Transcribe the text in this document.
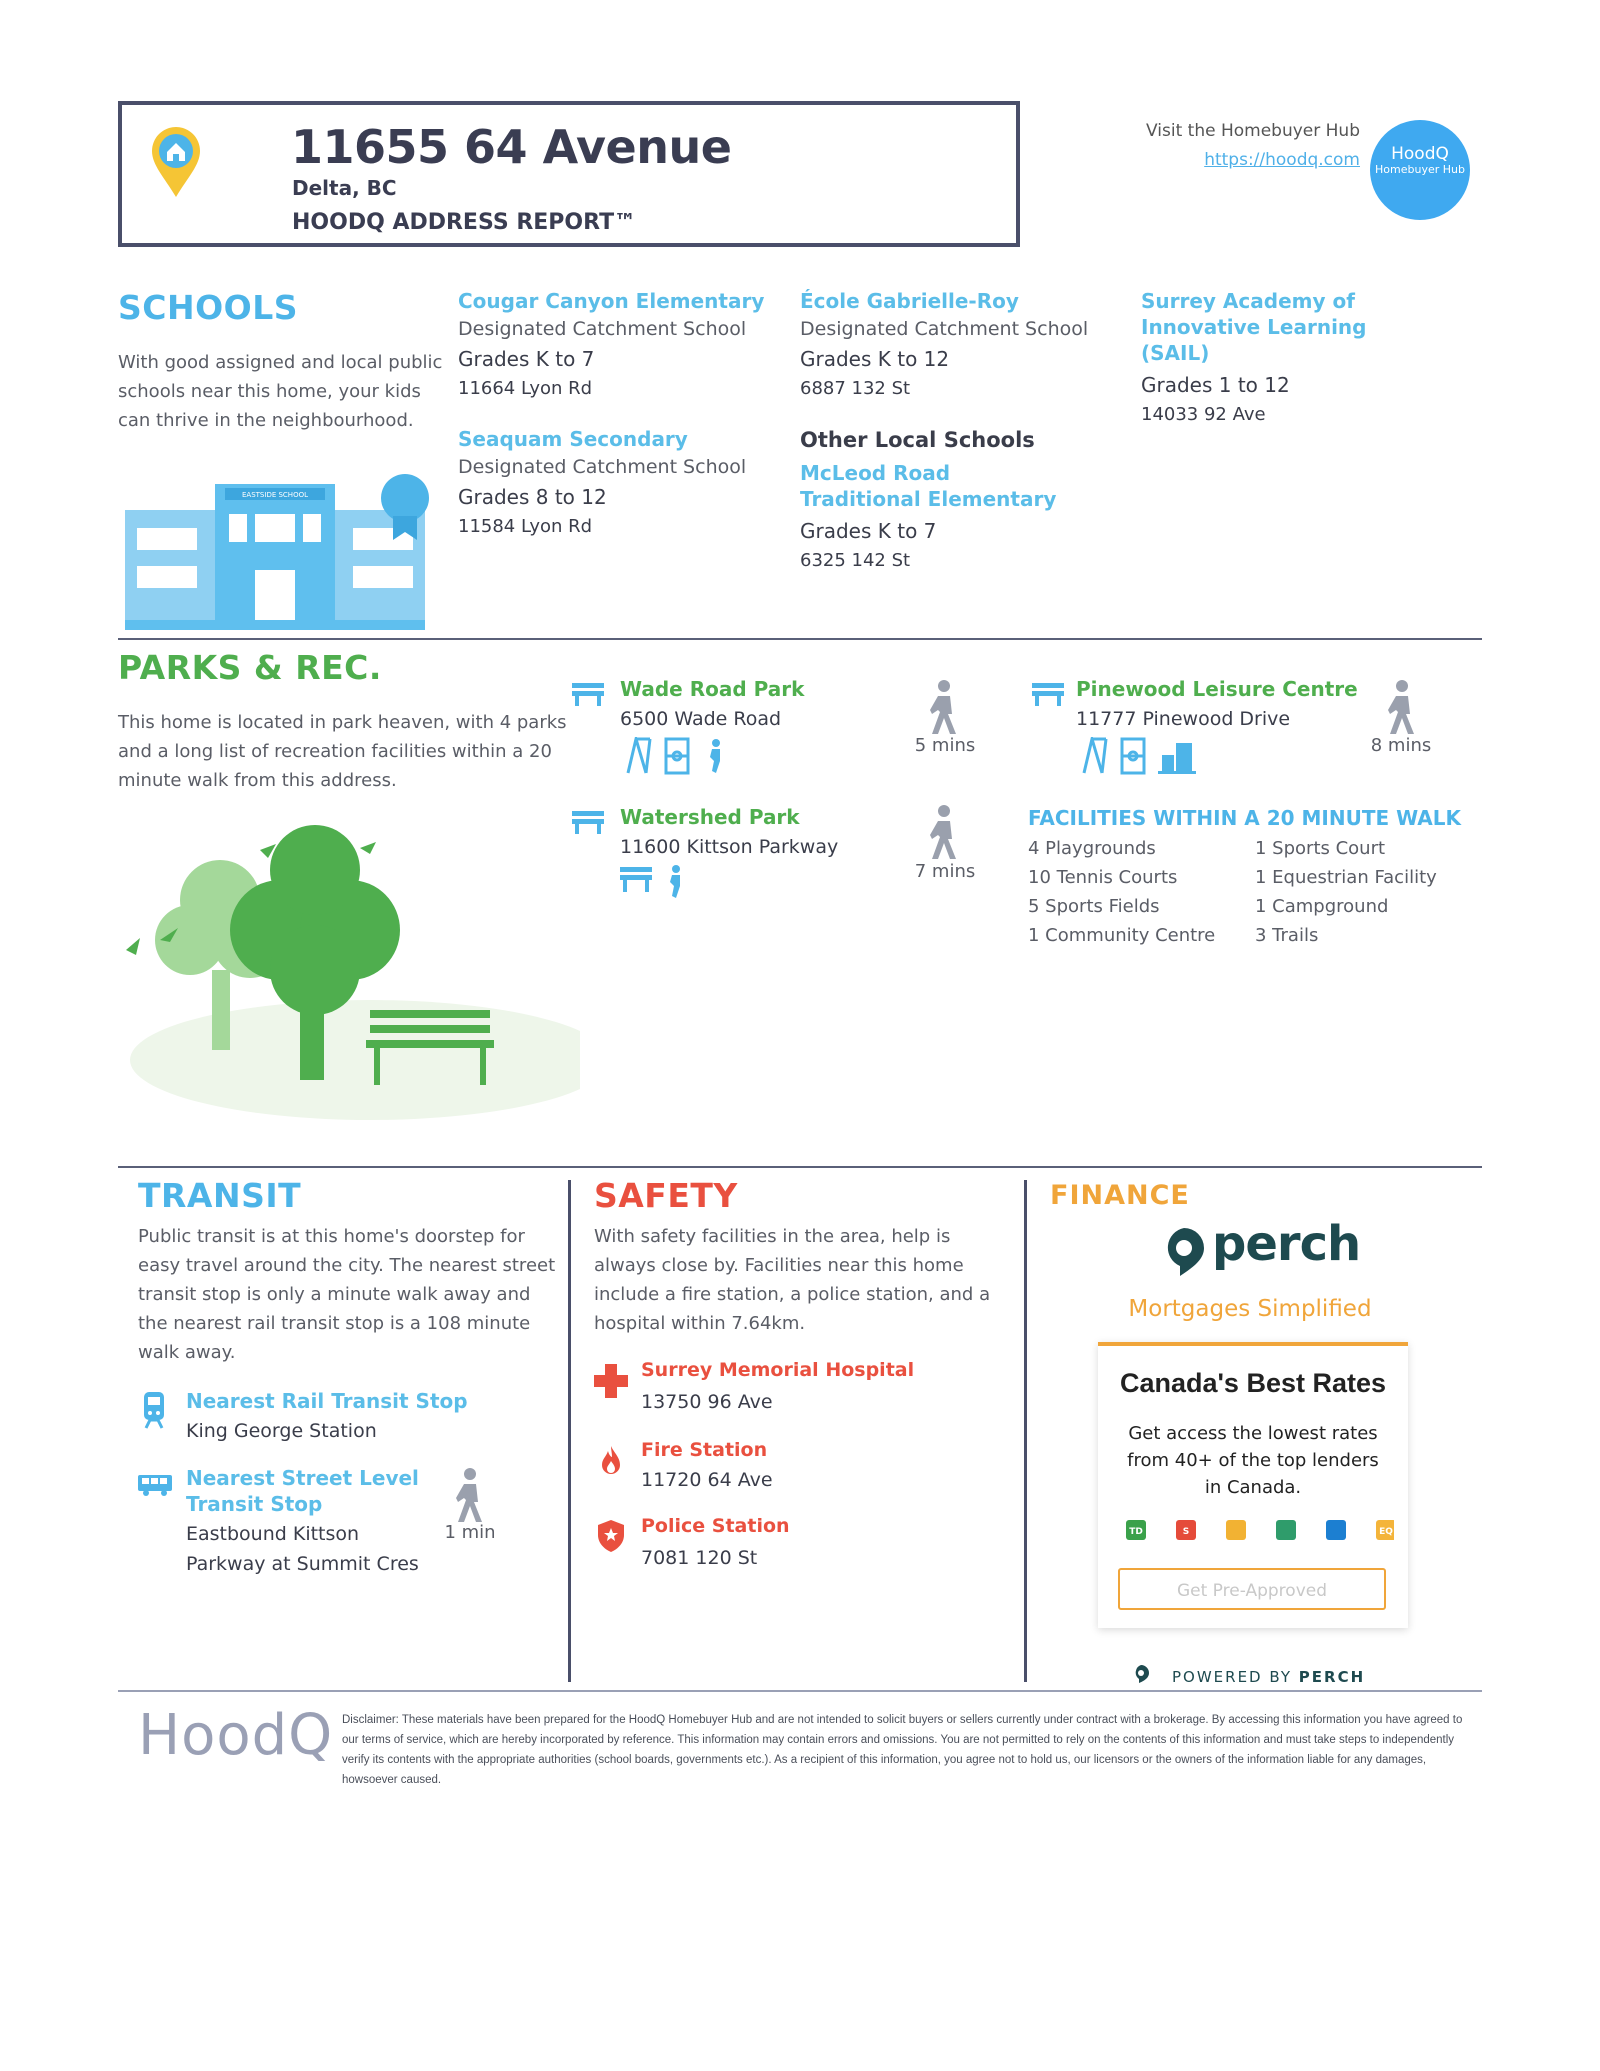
11655 64 Avenue
Delta, BC
HOODQ ADDRESS REPORT™
Visit the Homebuyer Hub
https://hoodq.com	HoodQ
Homebuyer Hub
SCHOOLS
With good assigned and local public schools near this home, your kids can thrive in the neighbourhood.
EASTSIDE SCHOOL
Cougar Canyon Elementary
Designated Catchment School
Grades K to 7
11664 Lyon Rd
Seaquam Secondary
Designated Catchment School
Grades 8 to 12
11584 Lyon Rd
École Gabrielle-Roy
Designated Catchment School
Grades K to 12
6887 132 St
Other Local Schools
McLeod Road Traditional Elementary
Grades K to 7
6325 142 St
Surrey Academy of Innovative Learning (SAIL)
Grades 1 to 12
14033 92 Ave
PARKS & REC.
This home is located in park heaven, with 4 parks and a long list of recreation facilities within a 20 minute walk from this address.
Wade Road Park
6500 Wade Road
5 mins
Watershed Park
11600 Kittson Parkway
7 mins
Pinewood Leisure Centre
11777 Pinewood Drive
8 mins
FACILITIES WITHIN A 20 MINUTE WALK
4 Playgrounds
10 Tennis Courts
5 Sports Fields
1 Community Centre
1 Sports Court
1 Equestrian Facility
1 Campground
3 Trails
TRANSIT
Public transit is at this home's doorstep for easy travel around the city. The nearest street transit stop is only a minute walk away and the nearest rail transit stop is a 108 minute walk away.
Nearest Rail Transit Stop
King George Station
Nearest Street Level Transit Stop
Eastbound Kittson Parkway at Summit Cres
1 min
SAFETY
With safety facilities in the area, help is always close by. Facilities near this home include a fire station, a police station, and a hospital within 7.64km.
Surrey Memorial Hospital
13750 96 Ave
Fire Station
11720 64 Ave
Police Station
7081 120 St
FINANCE
perch
Mortgages Simplified
Canada's Best Rates
Get access the lowest rates from 40+ of the top lenders in Canada.
TD	S	EQ
Get Pre-Approved
POWERED BY PERCH
HoodQ Disclaimer: These materials have been prepared for the HoodQ Homebuyer Hub and are not intended to solicit buyers or sellers currently under contract with a brokerage. By accessing this information you have agreed to our terms of service, which are hereby incorporated by reference. This information may contain errors and omissions. You are not permitted to rely on the contents of this information and must take steps to independently verify its contents with the appropriate authorities (school boards, governments etc.). As a recipient of this information, you agree not to hold us, our licensors or the owners of the information liable for any damages, howsoever caused.
